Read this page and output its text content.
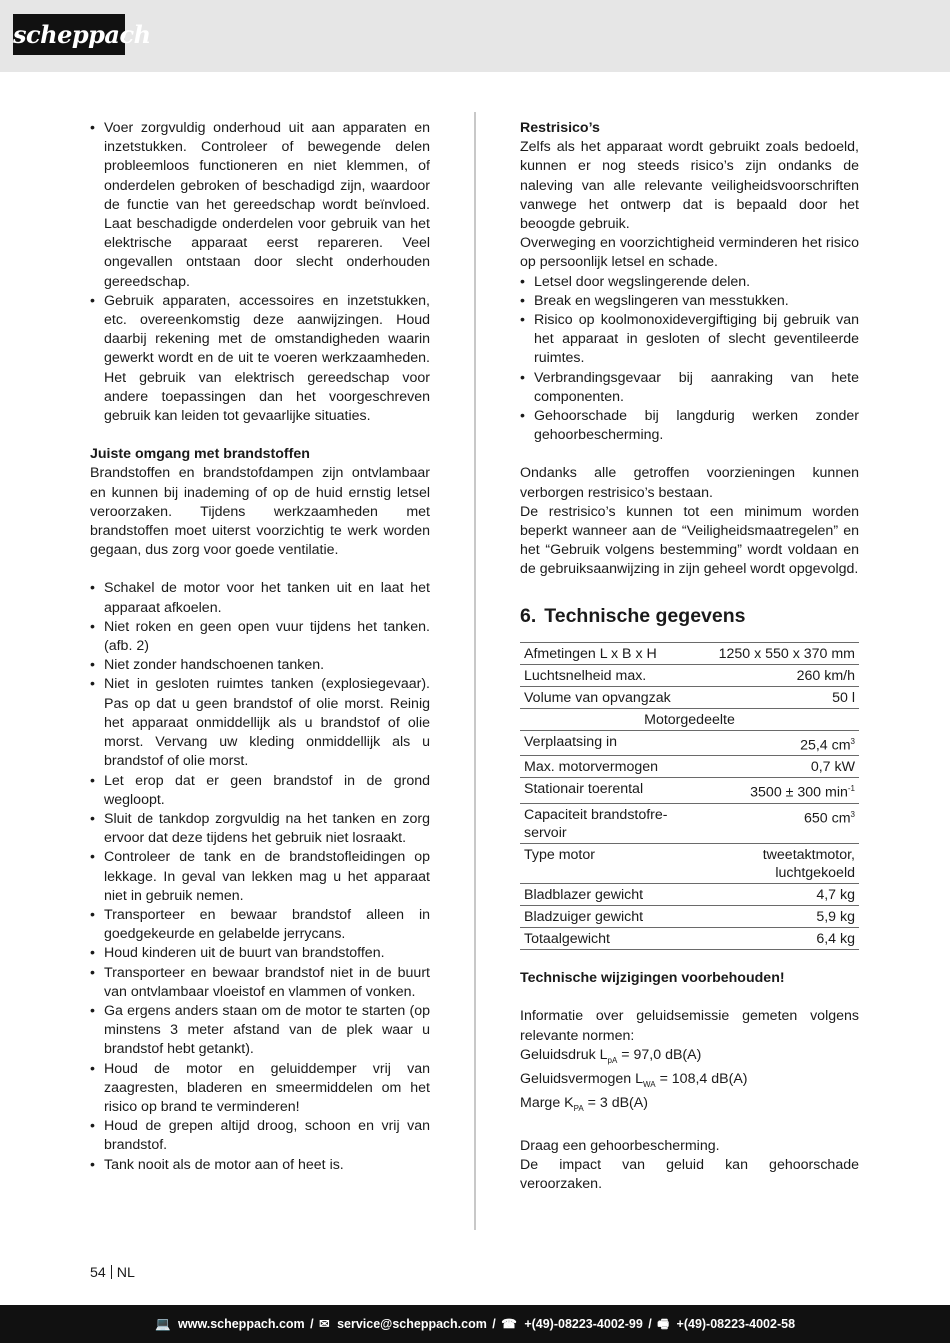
scheppach
• Voer zorgvuldig onderhoud uit aan apparaten en inzetstukken. Controleer of bewegende delen probleemloos functioneren en niet klemmen, of onderdelen gebroken of beschadigd zijn, waardoor de functie van het gereedschap wordt beïnvloed. Laat beschadigde onderdelen voor gebruik van het elektrische apparaat eerst repareren. Veel ongevallen ontstaan door slecht onderhouden gereedschap.
• Gebruik apparaten, accessoires en inzetstukken, etc. overeenkomstig deze aanwijzingen. Houd daarbij rekening met de omstandigheden waarin gewerkt wordt en de uit te voeren werkzaamheden. Het gebruik van elektrisch gereedschap voor andere toepassingen dan het voorgeschreven gebruik kan leiden tot gevaarlijke situaties.

Juiste omgang met brandstoffen

Brandstoffen en brandstofdampen zijn ontvlambaar en kunnen bij inademing of op de huid ernstig letsel veroorzaken. Tijdens werkzaamheden met brandstoffen moet uiterst voorzichtig te werk worden gegaan, dus zorg voor goede ventilatie.

• Schakel de motor voor het tanken uit en laat het apparaat afkoelen.
• Niet roken en geen open vuur tijdens het tanken. (afb. 2)
• Niet zonder handschoenen tanken.
• Niet in gesloten ruimtes tanken (explosiegevaar). Pas op dat u geen brandstof of olie morst. Reinig het apparaat onmiddellijk als u brandstof of olie morst. Vervang uw kleding onmiddellijk als u brandstof of olie morst.
• Let erop dat er geen brandstof in de grond wegloopt.
• Sluit de tankdop zorgvuldig na het tanken en zorg ervoor dat deze tijdens het gebruik niet losraakt.
• Controleer de tank en de brandstofleidingen op lekkage. In geval van lekken mag u het apparaat niet in gebruik nemen.
• Transporteer en bewaar brandstof alleen in goedgekeurde en gelabelde jerrycans.
• Houd kinderen uit de buurt van brandstoffen.
• Transporteer en bewaar brandstof niet in de buurt van ontvlambaar vloeistof en vlammen of vonken.
• Ga ergens anders staan om de motor te starten (op minstens 3 meter afstand van de plek waar u brandstof hebt getankt).
• Houd de motor en geluiddemper vrij van zaagresten, bladeren en smeermiddelen om het risico op brand te verminderen!
• Houd de grepen altijd droog, schoon en vrij van brandstof.
• Tank nooit als de motor aan of heet is.

Restrisico’s

Zelfs als het apparaat wordt gebruikt zoals bedoeld, kunnen er nog steeds risico’s zijn ondanks de naleving van alle relevante veiligheidsvoorschriften vanwege het ontwerp dat is bepaald door het beoogde gebruik.

Overweging en voorzichtigheid verminderen het risico op persoonlijk letsel en schade.

• Letsel door wegslingerende delen.
• Break en wegslingeren van messtukken.
• Risico op koolmonoxidevergiftiging bij gebruik van het apparaat in gesloten of slecht geventileerde ruimtes.
• Verbrandingsgevaar bij aanraking van hete componenten.
• Gehoorschade bij langdurig werken zonder gehoorbescherming.

Ondanks alle getroffen voorzieningen kunnen verborgen restrisico’s bestaan.

De restrisico’s kunnen tot een minimum worden beperkt wanneer aan de “Veiligheidsmaatregelen” en het “Gebruik volgens bestemming” wordt voldaan en de gebruiksaanwijzing in zijn geheel wordt opgevolgd.

6. Technische gegevens
Afmetingen L x B x H	1250 x 550 x 370 mm
Luchtsnelheid max.	260 km/h
Volume van opvangzak	50 l
Motorgedeelte	
Verplaatsing in	25,4 $cm^3$
Max. motorvermogen	0,7 kW
Stationair toerental	3500 ± 300 $\min^{-1}$
Capaciteit brandstofre-servoir	650 $cm^3$
Type motor	tweetaktmotor, luchtgekoeld
Bladblazer gewicht	4,7 kg
Bladzuiger gewicht	5,9 kg
Totaalgewicht	6,4 kg

Technische wijzigingen voorbehouden!

Informatie over geluidsemissie gemeten volgens relevante normen:

Geluidsdruk $L_{pA} = 97,0$ dB(A)
Geluidsvermogen $L_{WA} = 108,4$ dB(A)
Marge $K_{PA} = 3$ dB(A)

Draag een gehoorbescherming.

De impact van geluid kan gehoorschade veroorzaken.

54 NL
💻 www.scheppach.com / ✉ service@scheppach.com / ☎ +(49)-08223-4002-99 / 🖷 +(49)-08223-4002-58
